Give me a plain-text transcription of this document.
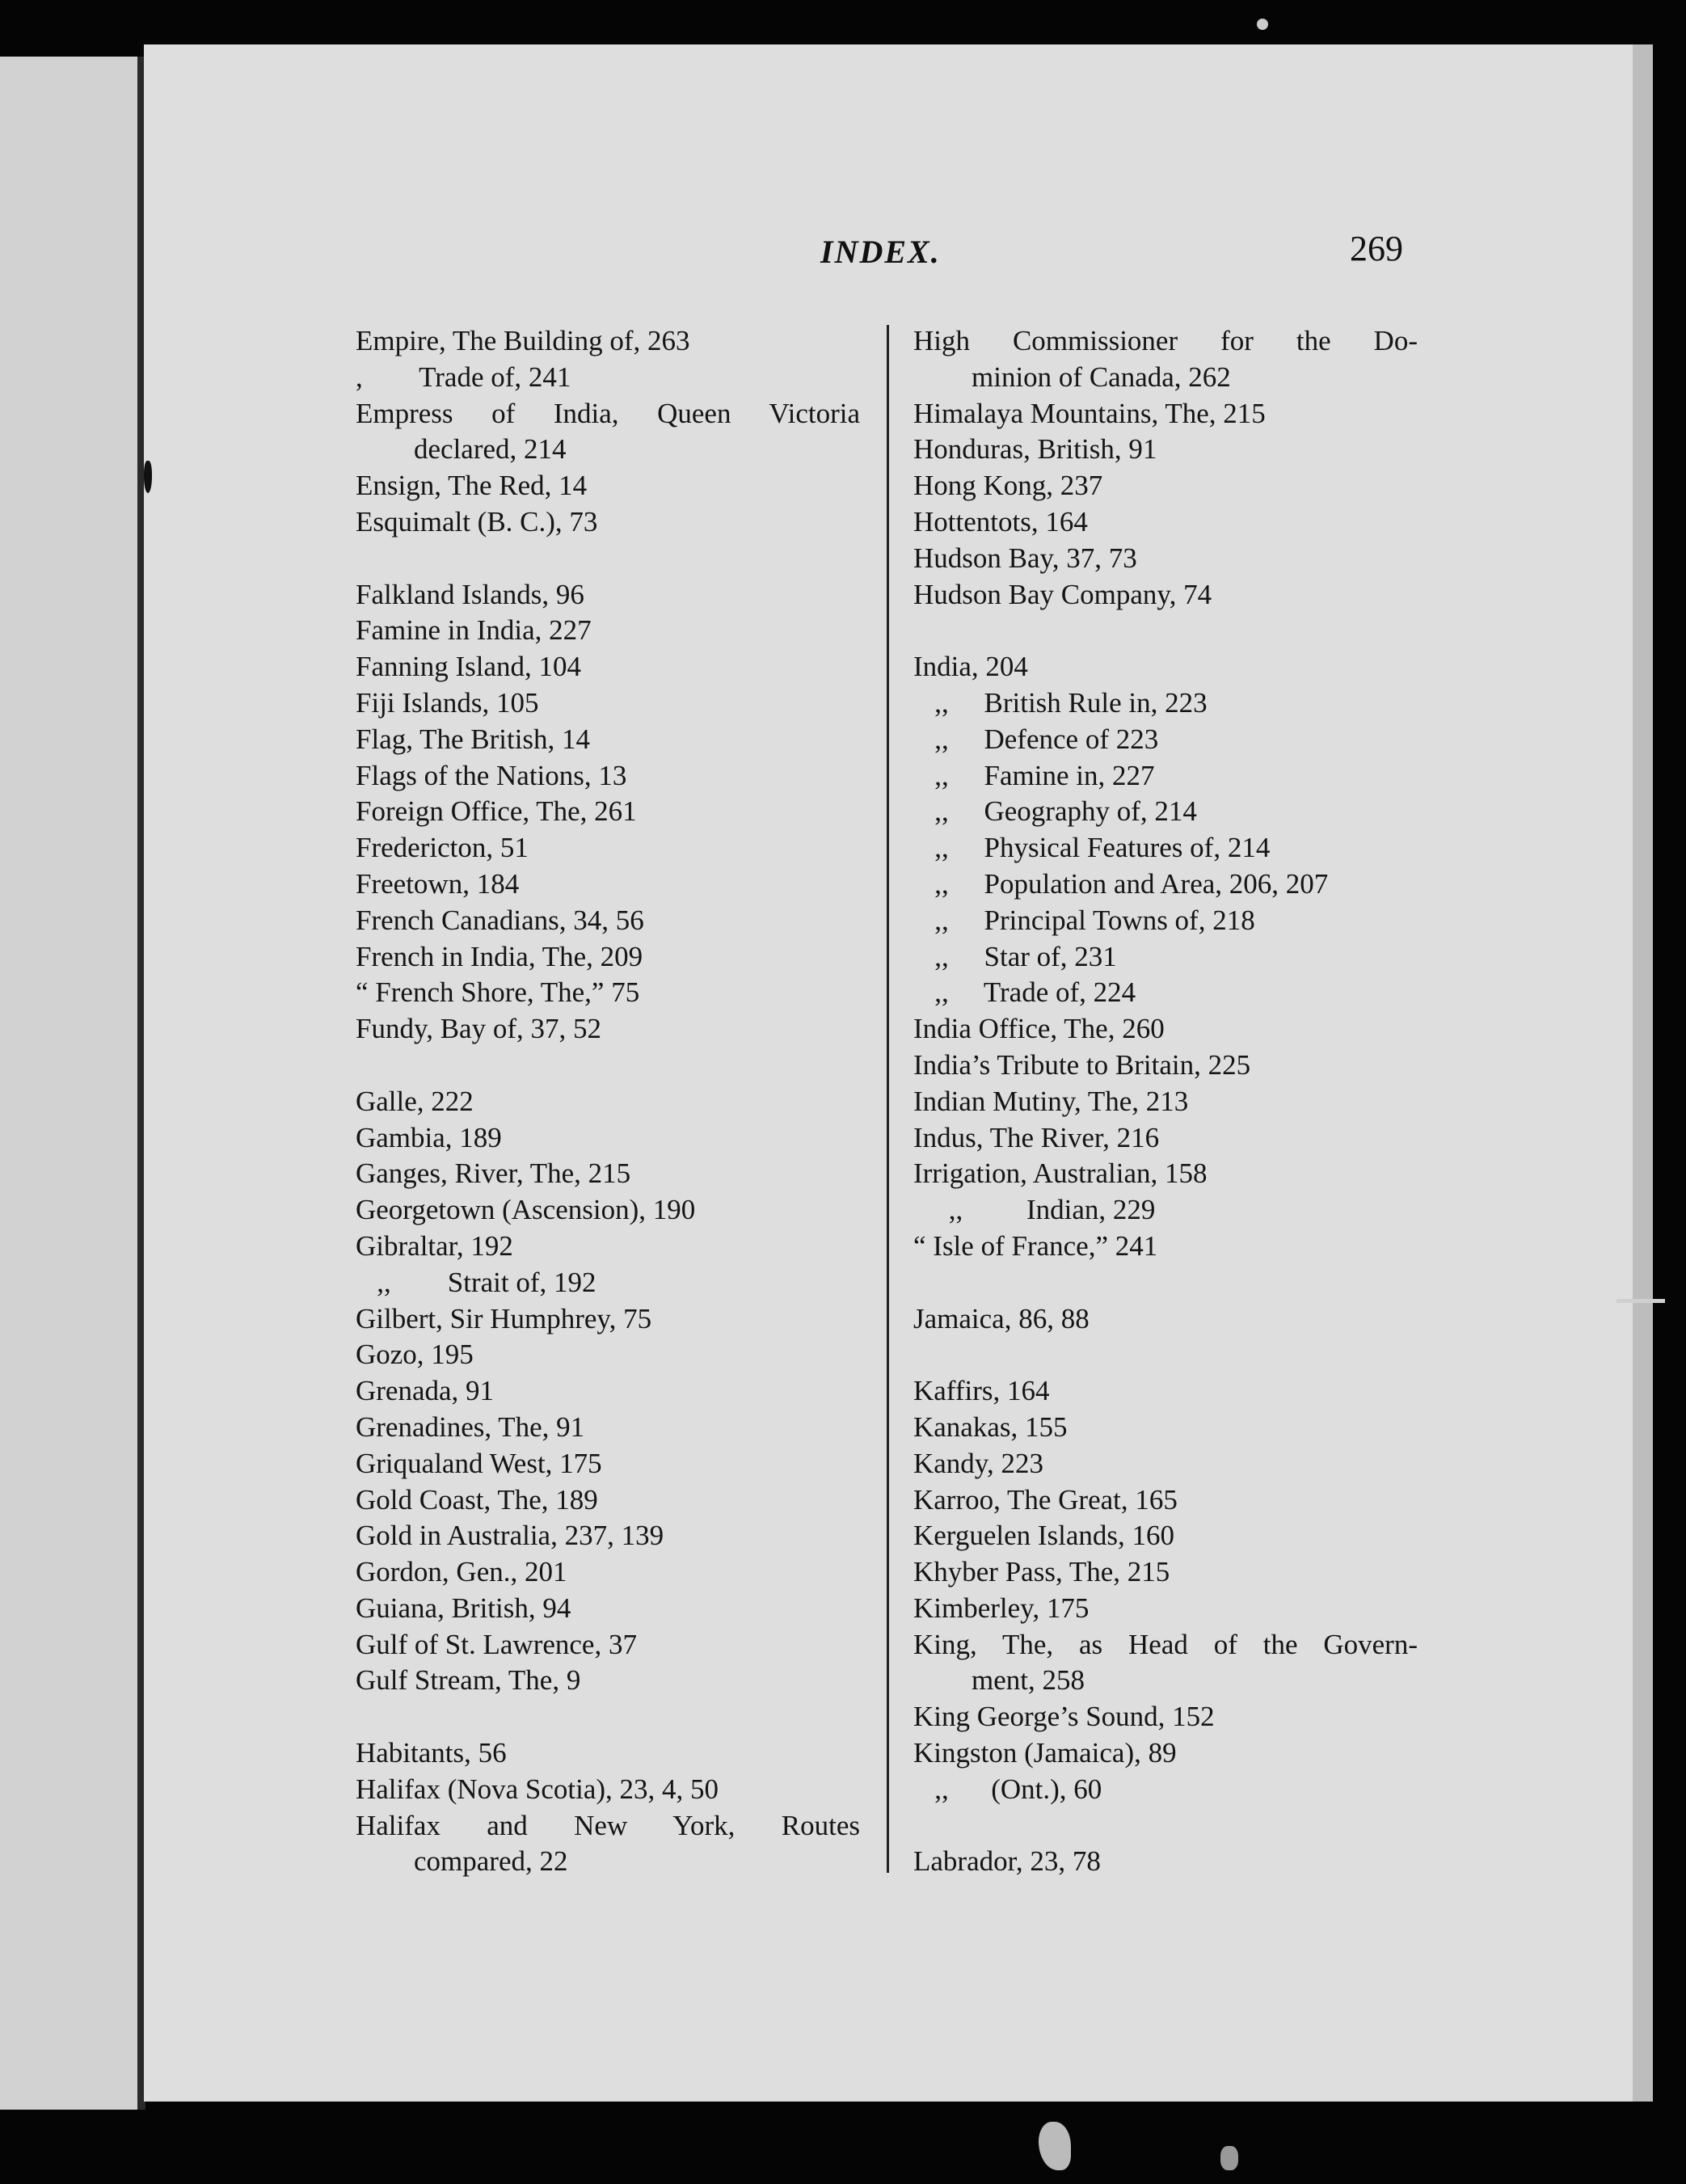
INDEX.	269
Empire, The Building of, 263
,        Trade of, 241
Empress of India, Queen Victoria
declared, 214
Ensign, The Red, 14
Esquimalt (B. C.), 73
Falkland Islands, 96
Famine in India, 227
Fanning Island, 104
Fiji Islands, 105
Flag, The British, 14
Flags of the Nations, 13
Foreign Office, The, 261
Fredericton, 51
Freetown, 184
French Canadians, 34, 56
French in India, The, 209
“ French Shore, The,” 75
Fundy, Bay of, 37, 52
Galle, 222
Gambia, 189
Ganges, River, The, 215
Georgetown (Ascension), 190
Gibraltar, 192
,,        Strait of, 192
Gilbert, Sir Humphrey, 75
Gozo, 195
Grenada, 91
Grenadines, The, 91
Griqualand West, 175
Gold Coast, The, 189
Gold in Australia, 237, 139
Gordon, Gen., 201
Guiana, British, 94
Gulf of St. Lawrence, 37
Gulf Stream, The, 9
Habitants, 56
Halifax (Nova Scotia), 23, 4, 50
Halifax and New York, Routes
compared, 22
High Commissioner for the Do-
minion of Canada, 262
Himalaya Mountains, The, 215
Honduras, British, 91
Hong Kong, 237
Hottentots, 164
Hudson Bay, 37, 73
Hudson Bay Company, 74
India, 204
,,     British Rule in, 223
,,     Defence of 223
,,     Famine in, 227
,,     Geography of, 214
,,     Physical Features of, 214
,,     Population and Area, 206, 207
,,     Principal Towns of, 218
,,     Star of, 231
,,     Trade of, 224
India Office, The, 260
India’s Tribute to Britain, 225
Indian Mutiny, The, 213
Indus, The River, 216
Irrigation, Australian, 158
,,         Indian, 229
“ Isle of France,” 241
Jamaica, 86, 88
Kaffirs, 164
Kanakas, 155
Kandy, 223
Karroo, The Great, 165
Kerguelen Islands, 160
Khyber Pass, The, 215
Kimberley, 175
King, The, as Head of the Govern-
ment, 258
King George’s Sound, 152
Kingston (Jamaica), 89
,,      (Ont.), 60
Labrador, 23, 78
